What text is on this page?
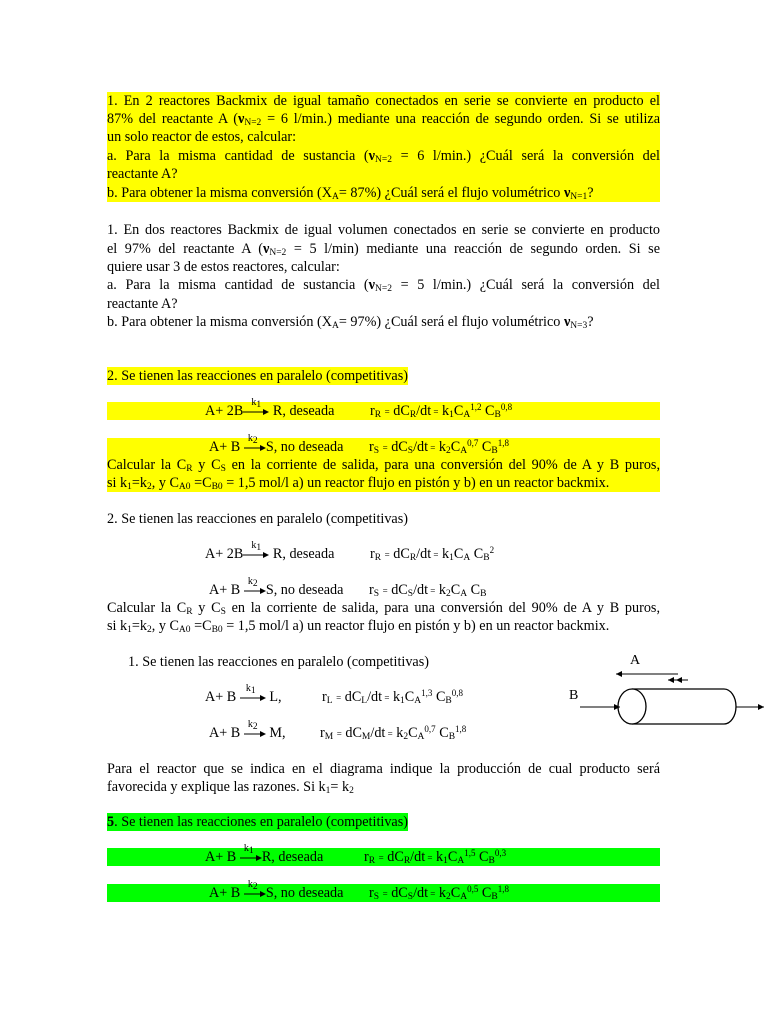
1. En 2 reactores Backmix de igual tamaño conectados en serie se convierte en producto el
87% del reactante A ($\nu_{N=2} = 6$ l/min.) mediante una reacción de segundo orden. Si se utiliza
un solo reactor de estos, calcular:
a. Para la misma cantidad de sustancia ($\nu_{N=2} = 6$ l/min.) ¿Cuál será la conversión del
reactante A?
b. Para obtener la misma conversión $(X_A= 87\%)$ ¿Cuál será el flujo volumétrico $\nu_{N=1}$?
1. En dos reactores Backmix de igual volumen conectados en serie se convierte en producto
el 97% del reactante A ($\nu_{N=2} = 5$ l/min) mediante una reacción de segundo orden. Si se
quiere usar 3 de estos reactores, calcular:
a. Para la misma cantidad de sustancia ($\nu_{N=2} = 5$ l/min.) ¿Cuál será la conversión del
reactante A?
b. Para obtener la misma conversión $(X_A= 97\%)$ ¿Cuál será el flujo volumétrico $\nu_{N=3}$?
2. Se tienen las reacciones en paralelo (competitivas)
A+ 2B
$k_1$ R, deseada	$r_R = dC_R/dt = k_1C_A^{1,2}$ $C_B^{0,8}$
A+ B
$k_2$ S, no deseada $r_S = dC_S/dt = k_2C_A^{0,7}$ $C_B^{1,8}$
Calcular la $C_R$ y $C_S$ en la corriente de salida, para una conversión del 90% de A y B puros,
si $k_1=k_2$, y $C_{A0} =C_{B0} = 1,5$ mol/l a) un reactor flujo en pistón y b) en un reactor backmix.
2. Se tienen las reacciones en paralelo (competitivas)
A+ 2B
$k_1$ R, deseada	$r_R = dC_R/dt = k_1C_A$ $C_B^2$
A+ B
$k_2$ S, no deseada $r_S = dC_S/dt = k_2C_A$ $C_B$
Calcular la $C_R$ y $C_S$ en la corriente de salida, para una conversión del 90% de A y B puros,
si $k_1=k_2$, y $C_{A0} =C_{B0} = 1,5$ mol/l a) un reactor flujo en pistón y b) en un reactor backmix.
1. Se tienen las reacciones en paralelo (competitivas)
A+ B
$k_1$ L,	$r_L = dC_L/dt = k_1C_A^{1,3}$ $C_B^{0,8}$
A+ B
$k_2$ M, $r_M = dC_M/dt = k_2C_A^{0,7}$ $C_B^{1,8}$
Para el reactor que se indica en el diagrama indique la producción de cual producto será
favorecida y explique las razones. Si $k_1= k_2$
A
B
5. Se tienen las reacciones en paralelo (competitivas)
A+ B
$k_1$ R, deseada	$r_R = dC_R/dt = k_1C_A^{1,5}$ $C_B^{0,3}$
A+ B
$k_2$ S, no deseada $r_S = dC_S/dt = k_2C_A^{0,5}$ $C_B^{1,8}$
